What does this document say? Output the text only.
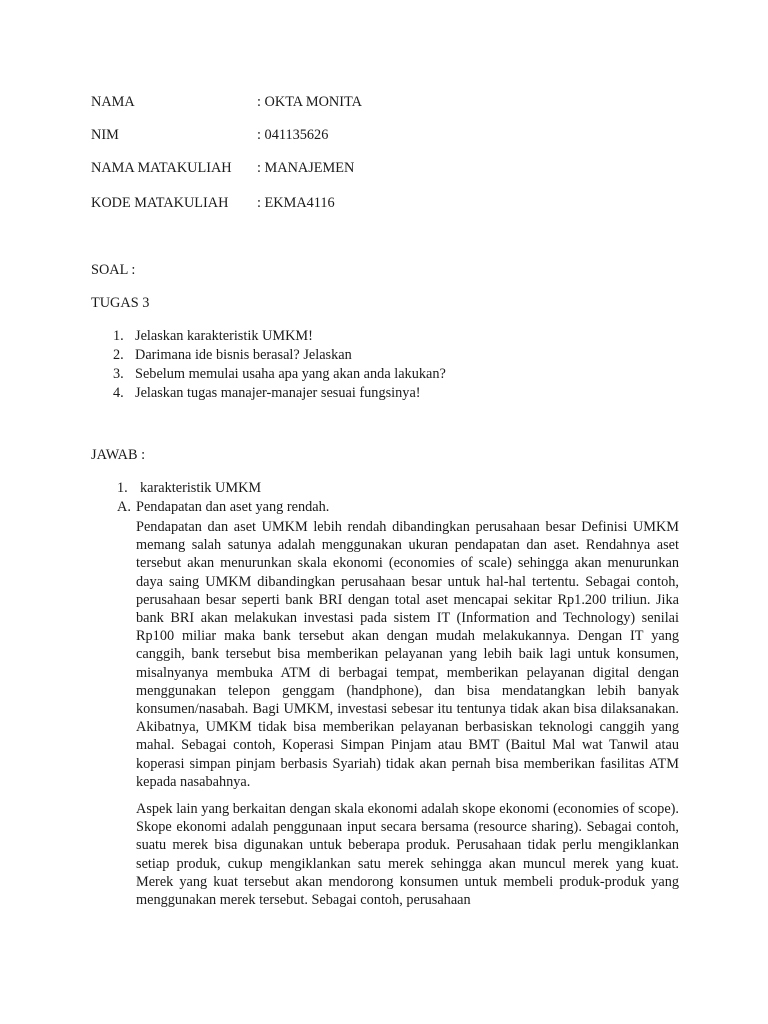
NAMA	: OKTA MONITA
NIM	: 041135626
NAMA MATAKULIAH : MANAJEMEN
KODE MATAKULIAH : EKMA4116
SOAL :
TUGAS 3
1. Jelaskan karakteristik UMKM!
2. Darimana ide bisnis berasal? Jelaskan
3. Sebelum memulai usaha apa yang akan anda lakukan?
4. Jelaskan tugas manajer-manajer sesuai fungsinya!
JAWAB :
1. karakteristik UMKM
A. Pendapatan dan aset yang rendah.

Pendapatan dan aset UMKM lebih rendah dibandingkan perusahaan besar Definisi UMKM memang salah satunya adalah menggunakan ukuran pendapatan dan aset. Rendahnya aset tersebut akan menurunkan skala ekonomi (economies of scale) sehingga akan menurunkan daya saing UMKM dibandingkan perusahaan besar untuk hal-hal tertentu. Sebagai contoh, perusahaan besar seperti bank BRI dengan total aset mencapai sekitar Rp1.200 triliun. Jika bank BRI akan melakukan investasi pada sistem IT (Information and Technology) senilai Rp100 miliar maka bank tersebut akan dengan mudah melakukannya. Dengan IT yang canggih, bank tersebut bisa memberikan pelayanan yang lebih baik lagi untuk konsumen, misalnyanya membuka ATM di berbagai tempat, memberikan pelayanan digital dengan menggunakan telepon genggam (handphone), dan bisa mendatangkan lebih banyak konsumen/nasabah. Bagi UMKM, investasi sebesar itu tentunya tidak akan bisa dilaksanakan. Akibatnya, UMKM tidak bisa memberikan pelayanan berbasiskan teknologi canggih yang mahal. Sebagai contoh, Koperasi Simpan Pinjam atau BMT (Baitul Mal wat Tanwil atau koperasi simpan pinjam berbasis Syariah) tidak akan pernah bisa memberikan fasilitas ATM kepada nasabahnya.

Aspek lain yang berkaitan dengan skala ekonomi adalah skope ekonomi (economies of scope). Skope ekonomi adalah penggunaan input secara bersama (resource sharing). Sebagai contoh, suatu merek bisa digunakan untuk beberapa produk. Perusahaan tidak perlu mengiklankan setiap produk, cukup mengiklankan satu merek sehingga akan muncul merek yang kuat. Merek yang kuat tersebut akan mendorong konsumen untuk membeli produk-produk yang menggunakan merek tersebut. Sebagai contoh, perusahaan
